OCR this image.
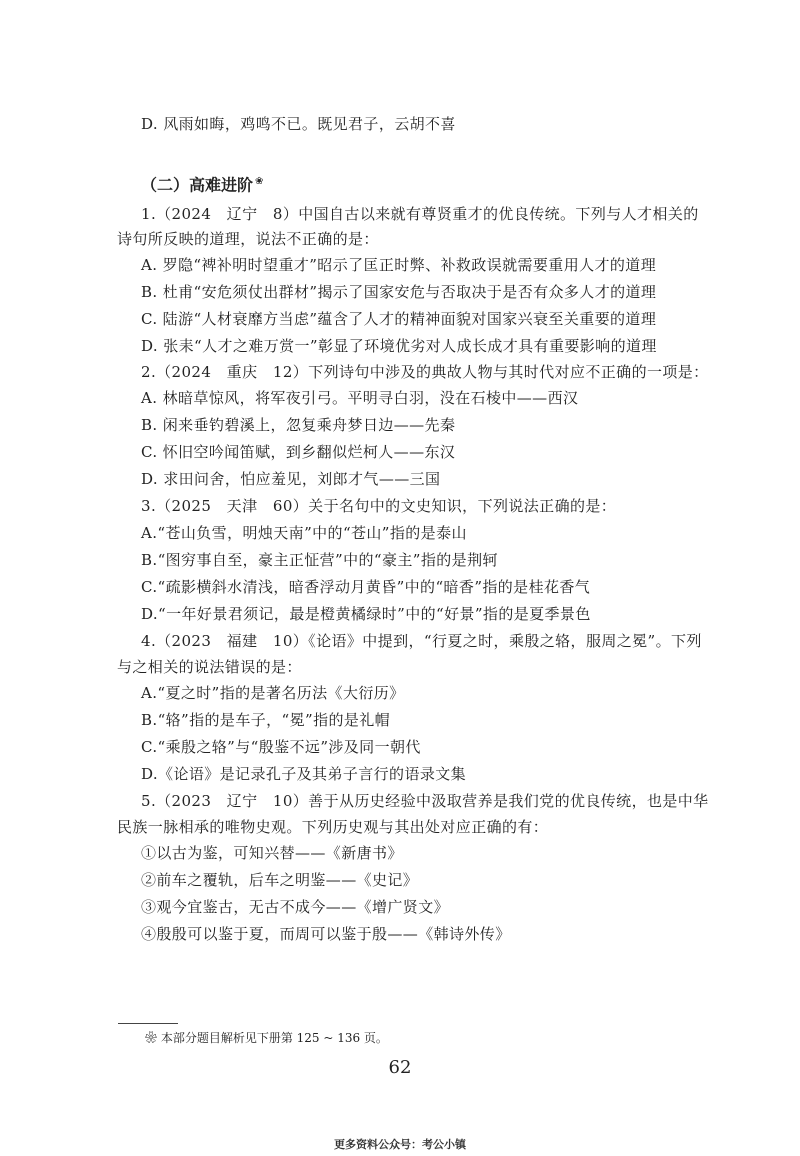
D. 风雨如晦，鸡鸣不已。既见君子，云胡不喜
（二）高难进阶 ❀
1.（2024　辽宁　8）中国自古以来就有尊贤重才的优良传统。下列与人才相关的
诗句所反映的道理，说法不正确的是：
A. 罗隐“裨补明时望重才”昭示了匡正时弊、补救政误就需要重用人才的道理
B. 杜甫“安危须仗出群材”揭示了国家安危与否取决于是否有众多人才的道理
C. 陆游“人材衰靡方当虑”蕴含了人才的精神面貌对国家兴衰至关重要的道理
D. 张耒“人才之难万赏一”彰显了环境优劣对人成长成才具有重要影响的道理
2.（2024　重庆　12）下列诗句中涉及的典故人物与其时代对应不正确的一项是：
A. 林暗草惊风，将军夜引弓。平明寻白羽，没在石棱中——西汉
B. 闲来垂钓碧溪上，忽复乘舟梦日边——先秦
C. 怀旧空吟闻笛赋，到乡翻似烂柯人——东汉
D. 求田问舍，怕应羞见，刘郎才气——三国
3.（2025　天津　60）关于名句中的文史知识，下列说法正确的是：
A.“苍山负雪，明烛天南”中的“苍山”指的是泰山
B.“图穷事自至，豪主正怔营”中的“豪主”指的是荆轲
C.“疏影横斜水清浅，暗香浮动月黄昏”中的“暗香”指的是桂花香气
D.“一年好景君须记，最是橙黄橘绿时”中的“好景”指的是夏季景色
4.（2023　福建　10）《论语》中提到，“行夏之时，乘殷之辂，服周之冕”。下列
与之相关的说法错误的是：
A.“夏之时”指的是著名历法《大衍历》
B.“辂”指的是车子，“冕”指的是礼帽
C.“乘殷之辂”与“殷鉴不远”涉及同一朝代
D.《论语》是记录孔子及其弟子言行的语录文集
5.（2023　辽宁　10）善于从历史经验中汲取营养是我们党的优良传统，也是中华
民族一脉相承的唯物史观。下列历史观与其出处对应正确的有：
①以古为鉴，可知兴替——《新唐书》
②前车之覆轨，后车之明鉴——《史记》
③观今宜鉴古，无古不成今——《增广贤文》
④殷殷可以鉴于夏，而周可以鉴于殷——《韩诗外传》
❀ 本部分题目解析见下册第 125 ~ 136 页。
62
更多资料公众号：考公小镇
